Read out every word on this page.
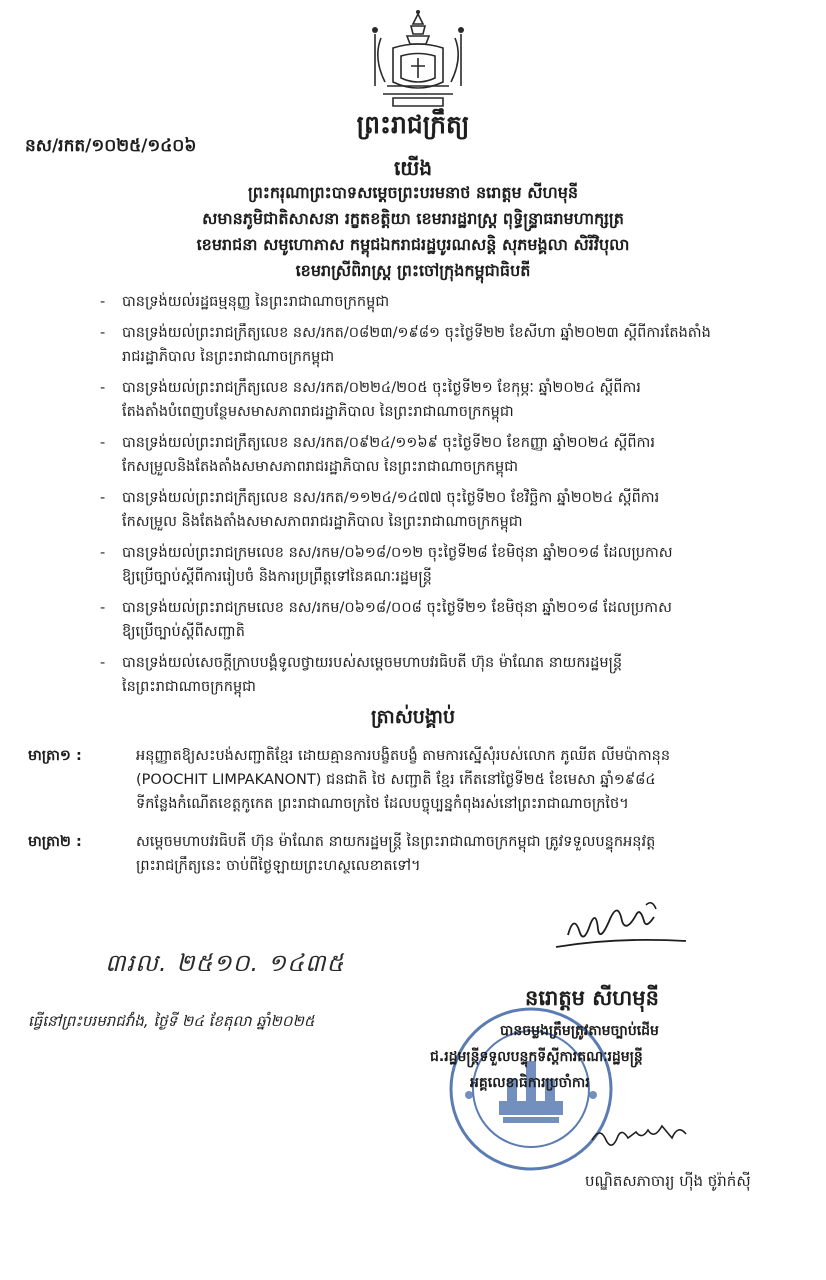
ព្រះរាជក្រឹត្យ
នស/រកត/១០២៥/១៤០៦
យើង
ព្រះករុណាព្រះបាទសម្ដេចព្រះបរមនាថ នរោត្តម សីហមុនី
សមានភូមិជាតិសាសនា រក្ខតខត្តិយា ខេមរារដ្ឋរាស្ត្រ ពុទ្ធិន្ទ្រាធរាមហាក្សត្រ
ខេមរាជនា សមូហោភាស កម្ពុជឯករាជរដ្ឋបូរណសន្តិ សុភមង្គលា សិរីវិបុលា
ខេមរាស្រីពិរាស្ត្រ ព្រះចៅក្រុងកម្ពុជាធិបតី
- បានទ្រង់យល់រដ្ឋធម្មនុញ្ញ នៃព្រះរាជាណាចក្រកម្ពុជា
- បានទ្រង់យល់ព្រះរាជក្រឹត្យលេខ នស/រកត/០៨២៣/១៩៨១ ចុះថ្ងៃទី២២ ខែសីហា ឆ្នាំ២០២៣ ស្ដីពីការតែងតាំង
រាជរដ្ឋាភិបាល នៃព្រះរាជាណាចក្រកម្ពុជា
- បានទ្រង់យល់ព្រះរាជក្រឹត្យលេខ នស/រកត/០២២៤/២០៥ ចុះថ្ងៃទី២១ ខែកុម្ភៈ ឆ្នាំ២០២៤ ស្ដីពីការ
តែងតាំងបំពេញបន្ថែមសមាសភាពរាជរដ្ឋាភិបាល នៃព្រះរាជាណាចក្រកម្ពុជា
- បានទ្រង់យល់ព្រះរាជក្រឹត្យលេខ នស/រកត/០៩២៤/១១៦៩ ចុះថ្ងៃទី២០ ខែកញ្ញា ឆ្នាំ២០២៤ ស្ដីពីការ
កែសម្រួលនិងតែងតាំងសមាសភាពរាជរដ្ឋាភិបាល នៃព្រះរាជាណាចក្រកម្ពុជា
- បានទ្រង់យល់ព្រះរាជក្រឹត្យលេខ នស/រកត/១១២៤/១៤៧៧ ចុះថ្ងៃទី២០ ខែវិច្ឆិកា ឆ្នាំ២០២៤ ស្ដីពីការ
កែសម្រួល និងតែងតាំងសមាសភាពរាជរដ្ឋាភិបាល នៃព្រះរាជាណាចក្រកម្ពុជា
- បានទ្រង់យល់ព្រះរាជក្រមលេខ នស/រកម/០៦១៨/០១២ ចុះថ្ងៃទី២៨ ខែមិថុនា ឆ្នាំ២០១៨ ដែលប្រកាស
ឱ្យប្រើច្បាប់ស្ដីពីការរៀបចំ និងការប្រព្រឹត្តទៅនៃគណៈរដ្ឋមន្ត្រី
- បានទ្រង់យល់ព្រះរាជក្រមលេខ នស/រកម/០៦១៨/០០៨ ចុះថ្ងៃទី២១ ខែមិថុនា ឆ្នាំ២០១៨ ដែលប្រកាស
ឱ្យប្រើច្បាប់ស្ដីពីសញ្ជាតិ
- បានទ្រង់យល់សេចក្ដីក្រាបបង្គំទូលថ្វាយរបស់សម្ដេចមហាបវរធិបតី ហ៊ុន ម៉ាណែត នាយករដ្ឋមន្ត្រី
នៃព្រះរាជាណាចក្រកម្ពុជា
ត្រាស់បង្គាប់
មាត្រា១ :	អនុញ្ញាតឱ្យសះបង់សញ្ជាតិខ្មែរ ដោយគ្មានការបង្ខិតបង្ខំ តាមការស្នើសុំរបស់លោក ភូឈីត លីមប៉ាកានុន
(POOCHIT LIMPAKANONT) ជនជាតិ ថៃ សញ្ជាតិ ខ្មែរ កើតនៅថ្ងៃទី២៥ ខែមេសា ឆ្នាំ១៩៨៤
ទីកន្លែងកំណើតខេត្តកូកេត ព្រះរាជាណាចក្រថៃ ដែលបច្ចុប្បន្នកំពុងរស់នៅព្រះរាជាណាចក្រថៃ។
មាត្រា២ :	សម្ដេចមហាបវរធិបតី ហ៊ុន ម៉ាណែត នាយករដ្ឋមន្ត្រី នៃព្រះរាជាណាចក្រកម្ពុជា ត្រូវទទួលបន្ទុកអនុវត្ត
ព្រះរាជក្រឹត្យនេះ ចាប់ពីថ្ងៃឡាយព្រះហស្ថលេខាតទៅ។
៣រល. ២៥១០. ១៤៣៥
ធ្វើនៅព្រះបរមរាជវាំង, ថ្ងៃទី ២៤ ខែតុលា ឆ្នាំ២០២៥
នរោត្តម សីហមុនី
បានចម្លងត្រឹមត្រូវតាមច្បាប់ដើម
ជ.រដ្ឋមន្ត្រីទទួលបន្ទុកទីស្ដីការគណៈរដ្ឋមន្ត្រី
អគ្គលេខាធិការប្រចាំការ
បណ្ឌិតសភាចារ្យ ហ៊ីង ថូរ៉ាក់ស៊ី
